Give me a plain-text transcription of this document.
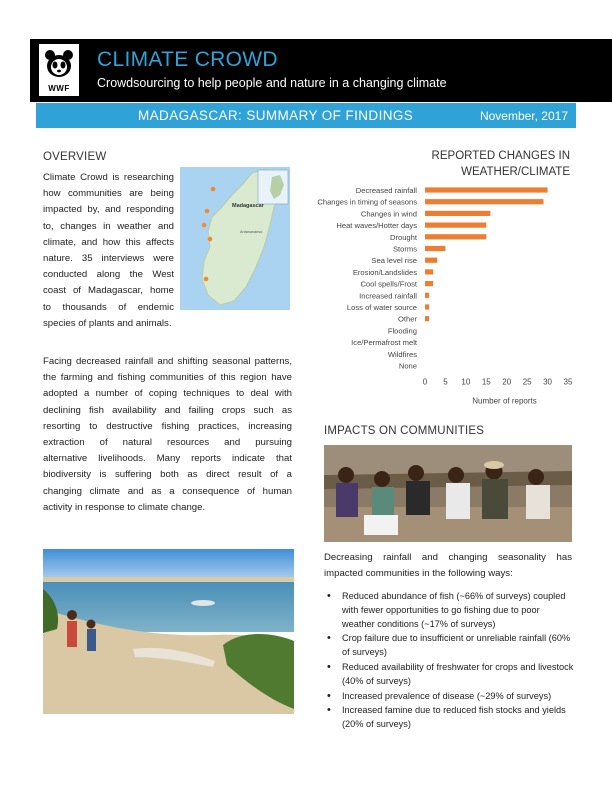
WWF
CLIMATE CROWD
Crowdsourcing to help people and nature in a changing climate
MADAGASCAR: SUMMARY OF FINDINGS	November, 2017
OVERVIEW
Climate Crowd is researching
how communities are being
impacted by, and responding
to, changes in weather and
climate, and how this affects
nature. 35 interviews were
conducted along the West
coast of Madagascar, home
to thousands of endemic
species of plants and animals.
Madagascar
Antananarivo
Facing decreased rainfall and shifting seasonal patterns,
the farming and fishing communities of this region have
adopted a number of coping techniques to deal with
declining fish availability and failing crops such as
resorting to destructive fishing practices, increasing
extraction of natural resources and pursuing
alternative livelihoods. Many reports indicate that
biodiversity is suffering both as direct result of a
changing climate and as a consequence of human
activity in response to climate change.
REPORTED CHANGES IN
WEATHER/CLIMATE
Decreased rainfall
Changes in timing of seasons
Changes in wind
Heat waves/Hotter days
Drought
Storms
Sea level rise
Erosion/Landslides
Cool spells/Frost
Increased rainfall
Loss of water source
Other
Flooding
Ice/Permafrost melt
Wildfires
None
0 5 10 15 20 25 30 35
Number of reports
IMPACTS ON COMMUNITIES
Decreasing rainfall and changing seasonality has
impacted communities in the following ways:
• Reduced abundance of fish (~66% of surveys) coupled with fewer opportunities to go fishing due to poor weather conditions (~17% of surveys)
• Crop failure due to insufficient or unreliable rainfall (60% of surveys)
• Reduced availability of freshwater for crops and livestock (40% of surveys)
• Increased prevalence of disease (~29% of surveys)
• Increased famine due to reduced fish stocks and yields (20% of surveys)
